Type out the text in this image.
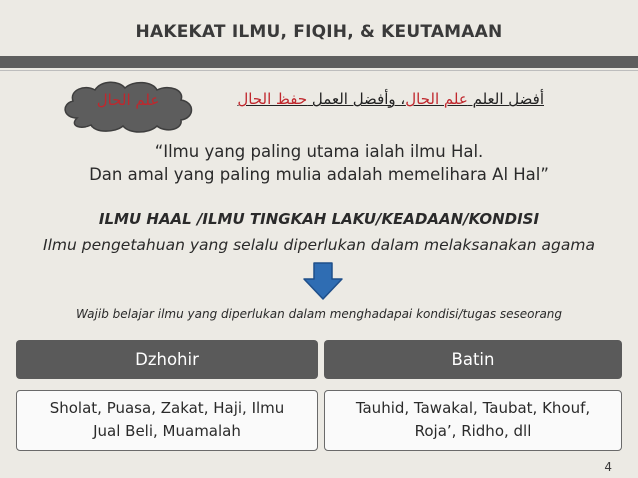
HAKEKAT ILMU, FIQIH, & KEUTAMAAN
علم الحال	أفضل العلم علم الحال، وأفضل العمل حفظ الحال
“Ilmu yang paling utama ialah ilmu Hal.
Dan amal yang paling mulia adalah memelihara Al Hal”
ILMU HAAL /ILMU TINGKAH LAKU/KEADAAN/KONDISI
Ilmu pengetahuan yang selalu diperlukan dalam melaksanakan agama
Wajib belajar ilmu yang diperlukan dalam menghadapai kondisi/tugas seseorang
Dzhohir	Batin
Sholat, Puasa, Zakat, Haji, Ilmu
Jual Beli, Muamalah
Tauhid, Tawakal, Taubat, Khouf,
Roja’, Ridho, dll
4
